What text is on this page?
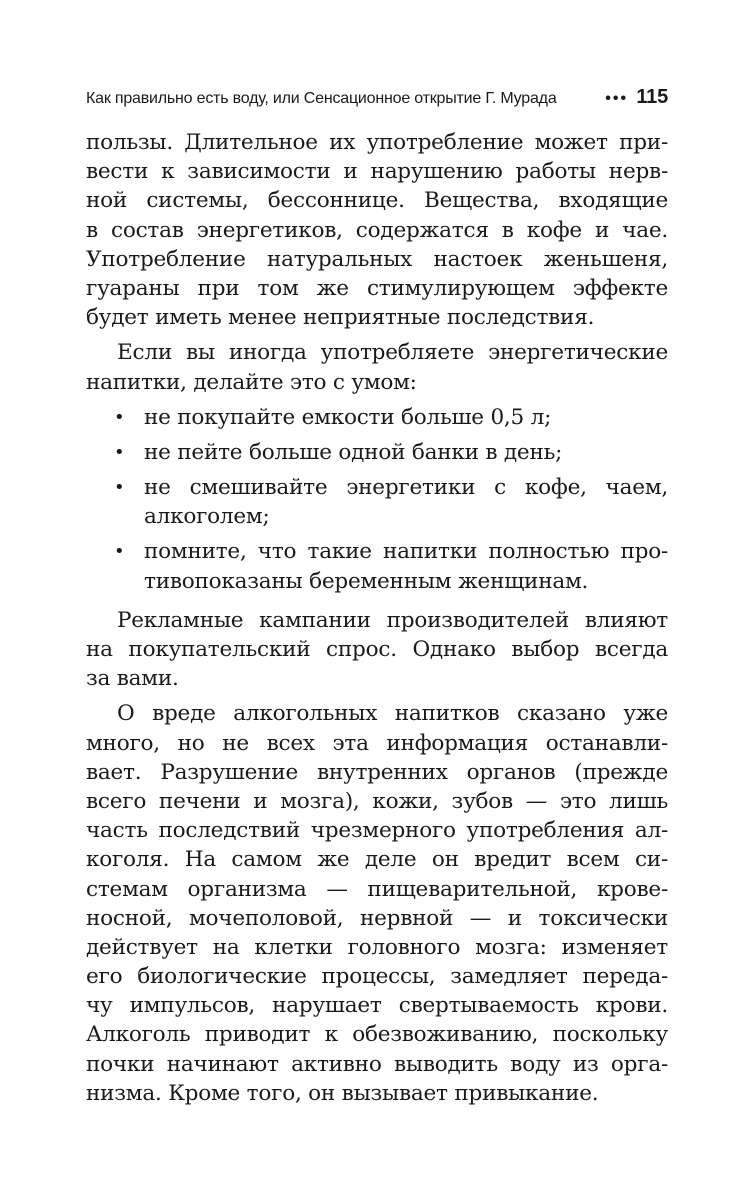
Как правильно есть воду, или Сенсационное открытие Г. Мурада	••• 115
пользы. Длительное их употребление может при-
вести к зависимости и нарушению работы нерв-
ной системы, бессоннице. Вещества, входящие
в состав энергетиков, содержатся в кофе и чае.
Употребление натуральных настоек женьшеня,
гуараны при том же стимулирующем эффекте
будет иметь менее неприятные последствия.
Если вы иногда употребляете энергетические
напитки, делайте это с умом:
• не покупайте емкости больше 0,5 л;
• не пейте больше одной банки в день;
• не смешивайте энергетики с кофе, чаем,
алкоголем;
• помните, что такие напитки полностью про-
тивопоказаны беременным женщинам.
Рекламные кампании производителей влияют
на покупательский спрос. Однако выбор всегда
за вами.
О вреде алкогольных напитков сказано уже
много, но не всех эта информация останавли-
вает. Разрушение внутренних органов (прежде
всего печени и мозга), кожи, зубов — это лишь
часть последствий чрезмерного употребления ал-
коголя. На самом же деле он вредит всем си-
стемам организма — пищеварительной, крове-
носной, мочеполовой, нервной — и токсически
действует на клетки головного мозга: изменяет
его биологические процессы, замедляет переда-
чу импульсов, нарушает свертываемость крови.
Алкоголь приводит к обезвоживанию, поскольку
почки начинают активно выводить воду из орга-
низма. Кроме того, он вызывает привыкание.
